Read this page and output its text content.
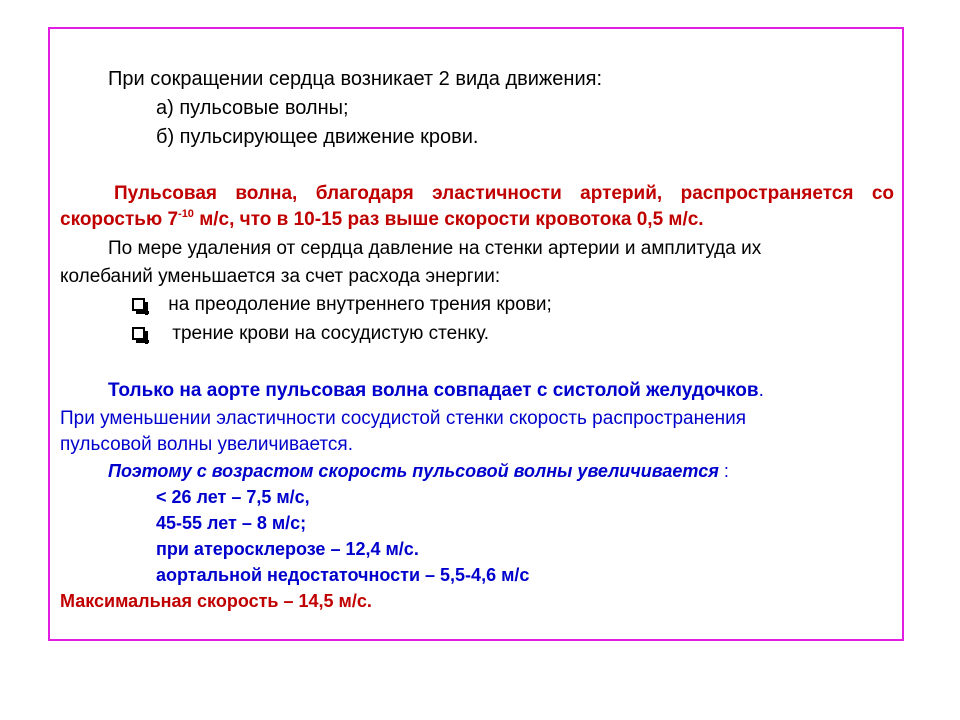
При сокращении сердца возникает 2 вида движения:
а) пульсовые волны;
б) пульсирующее движение крови.
Пульсовая волна, благодаря эластичности артерий, распространяется со
скоростью $7^{-10}$ м/с, что в 10-15 раз выше скорости кровотока 0,5 м/с.
По мере удаления от сердца давление на стенки артерии и амплитуда их
колебаний уменьшается за счет расхода энергии:
на преодоление внутреннего трения крови;
трение крови на сосудистую стенку.
Только на аорте пульсовая волна совпадает с систолой желудочков.
При уменьшении эластичности сосудистой стенки скорость распространения
пульсовой волны увеличивается.
Поэтому с возрастом скорость пульсовой волны увеличивается :
< 26 лет – 7,5 м/с,
45-55 лет – 8 м/с;
при атеросклерозе – 12,4 м/с.
аортальной недостаточности – 5,5-4,6 м/с
Максимальная скорость – 14,5 м/с.
